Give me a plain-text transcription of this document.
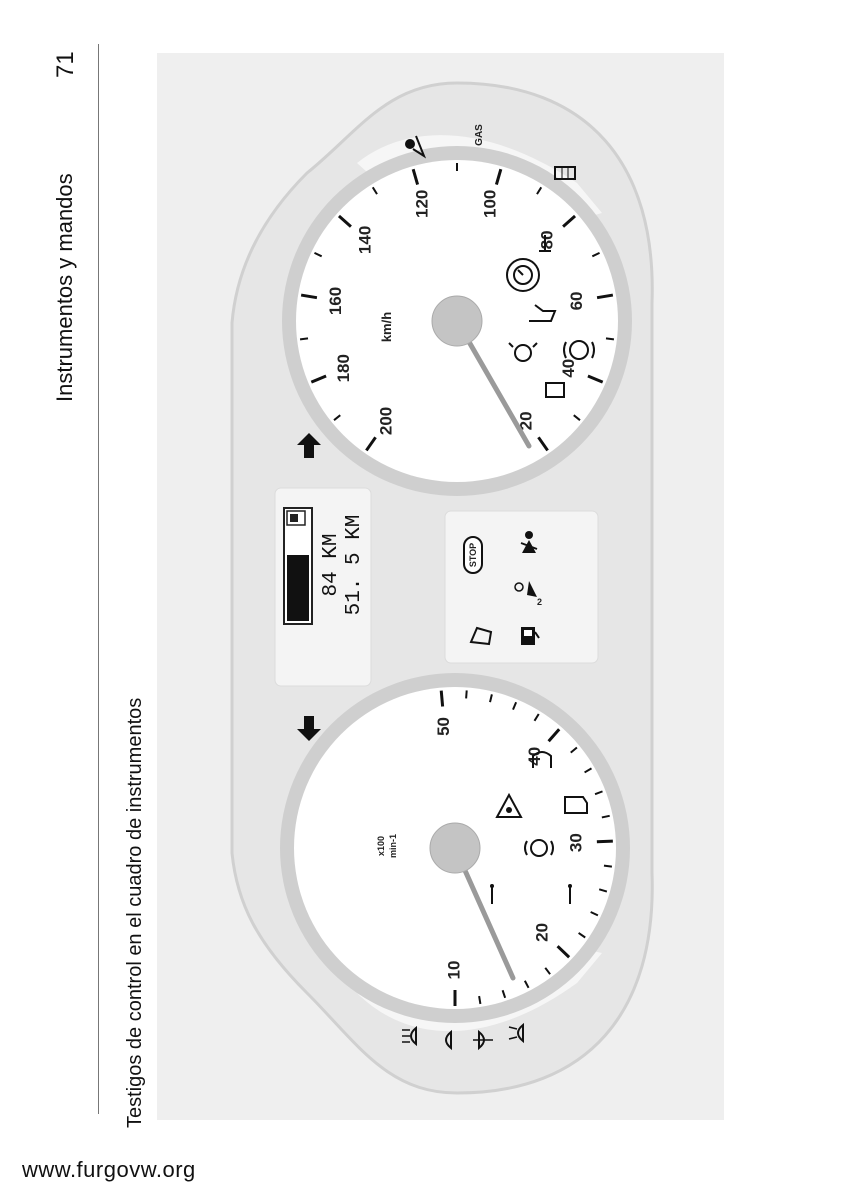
71
Instrumentos y mandos
Testigos de control en el cuadro de instrumentos
20
40
60
80
100
120
140
160
180
200
10
20
30
40
50
km/h
x100 min-1
84 KM 51. 5 KM	STOP
2
GAS
www.furgovw.org
